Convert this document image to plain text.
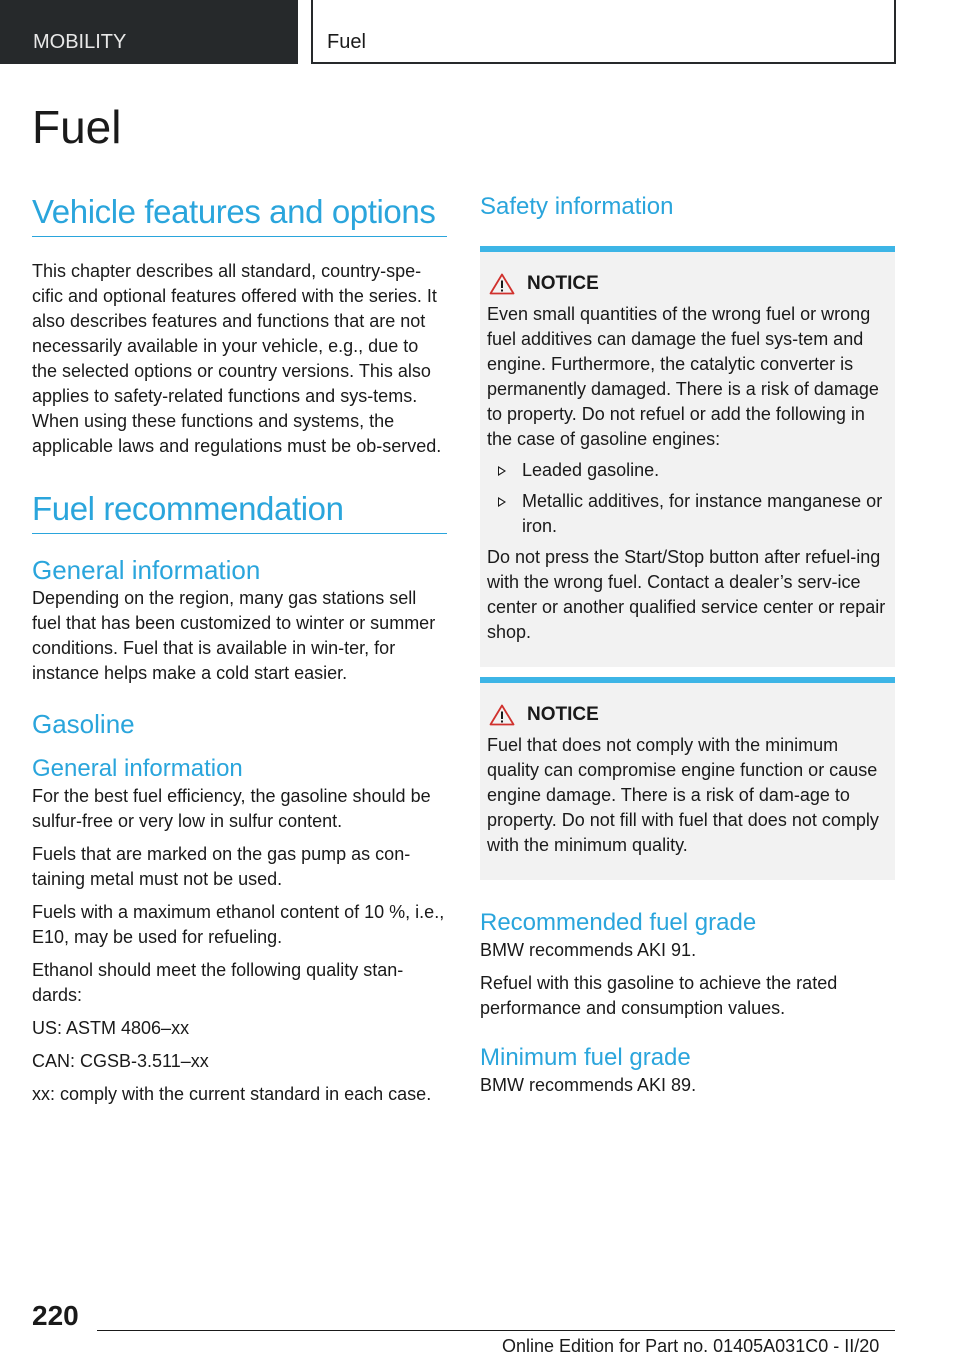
MOBILITY	Fuel
Fuel
Vehicle features and options

This chapter describes all standard, country-spe-cific and optional features offered with the series. It also describes features and functions that are not necessarily available in your vehicle, e.g., due to the selected options or country versions. This also applies to safety-related functions and sys-tems. When using these functions and systems, the applicable laws and regulations must be ob-served.

Fuel recommendation
General information

Depending on the region, many gas stations sell fuel that has been customized to winter or summer conditions. Fuel that is available in win-ter, for instance helps make a cold start easier.

Gasoline
General information

For the best fuel efficiency, the gasoline should be sulfur-free or very low in sulfur content.

Fuels that are marked on the gas pump as con-taining metal must not be used.

Fuels with a maximum ethanol content of 10 %, i.e., E10, may be used for refueling.

Ethanol should meet the following quality stan-dards:

US: ASTM 4806–xx

CAN: CGSB-3.511–xx

xx: comply with the current standard in each case.

Safety information
NOTICE

Even small quantities of the wrong fuel or wrong fuel additives can damage the fuel sys-tem and engine. Furthermore, the catalytic converter is permanently damaged. There is a risk of damage to property. Do not refuel or add the following in the case of gasoline engines:

Leaded gasoline.
Metallic additives, for instance manganese or iron.

Do not press the Start/Stop button after refuel-ing with the wrong fuel. Contact a dealer’s serv-ice center or another qualified service center or repair shop.

NOTICE

Fuel that does not comply with the minimum quality can compromise engine function or cause engine damage. There is a risk of dam-age to property. Do not fill with fuel that does not comply with the minimum quality.

Recommended fuel grade

BMW recommends AKI 91.

Refuel with this gasoline to achieve the rated performance and consumption values.

Minimum fuel grade

BMW recommends AKI 89.

220
Online Edition for Part no. 01405A031C0 - II/20
